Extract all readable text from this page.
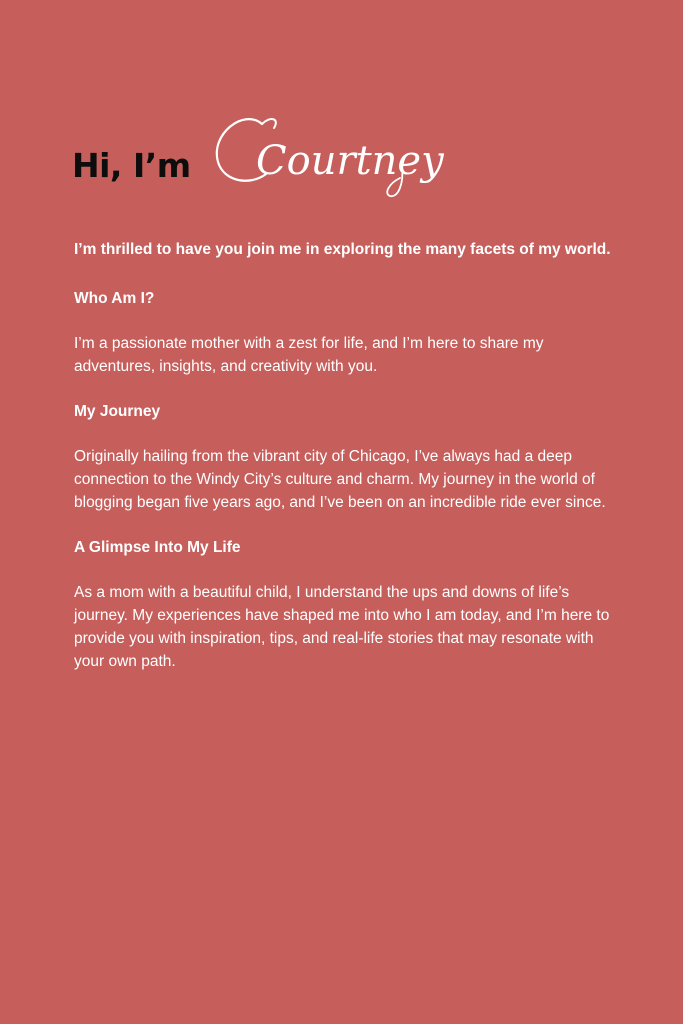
Hi, I’m Courtney

I’m thrilled to have you join me in exploring the many facets of my world.

Who Am I?

I’m a passionate mother with a zest for life, and I’m here to share my adventures, insights, and creativity with you.

My Journey

Originally hailing from the vibrant city of Chicago, I’ve always had a deep connection to the Windy City’s culture and charm. My journey in the world of blogging began five years ago, and I’ve been on an incredible ride ever since.

A Glimpse Into My Life

As a mom with a beautiful child, I understand the ups and downs of life’s journey. My experiences have shaped me into who I am today, and I’m here to provide you with inspiration, tips, and real-life stories that may resonate with your own path.
